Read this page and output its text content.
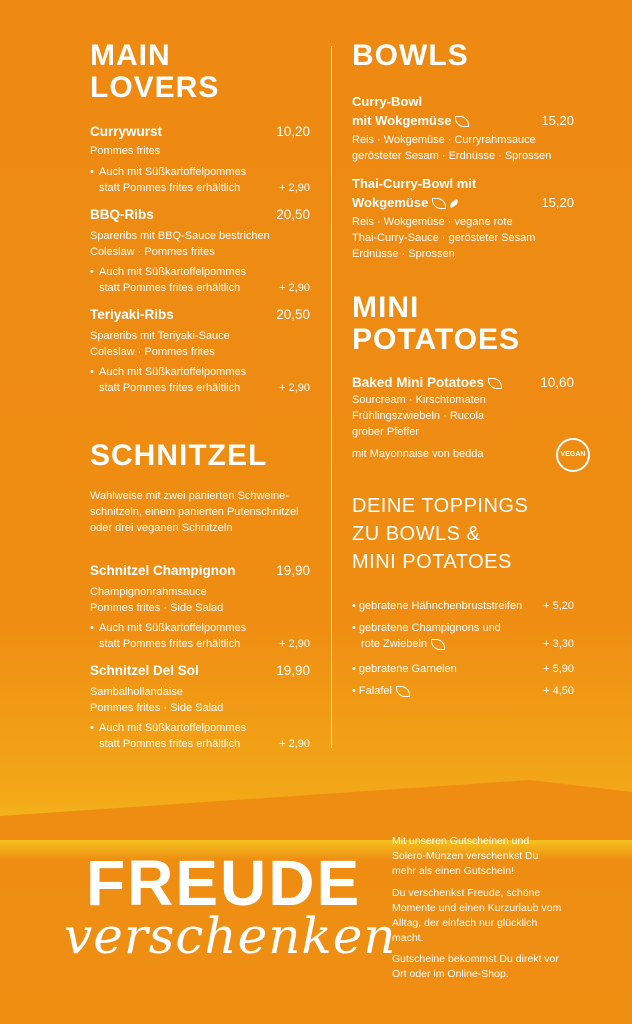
MAIN
LOVERS
Currywurst	10,20
Pommes frites
• Auch mit Süßkartoffelpommes
statt Pommes frites erhältlich	+ 2,90
BBQ-Ribs	20,50
Spareribs mit BBQ-Sauce bestrichen
Coleslaw · Pommes frites
• Auch mit Süßkartoffelpommes
statt Pommes frites erhältlich	+ 2,90
Teriyaki-Ribs	20,50
Spareribs mit Teriyaki-Sauce
Coleslaw · Pommes frites
• Auch mit Süßkartoffelpommes
statt Pommes frites erhältlich	+ 2,90
SCHNITZEL
Wahlweise mit zwei panierten Schweine-
schnitzeln, einem panierten Putenschnitzel
oder drei veganen Schnitzeln
Schnitzel Champignon	19,90
Champignonrahmsauce
Pommes frites · Side Salad
• Auch mit Süßkartoffelpommes
statt Pommes frites erhältlich	+ 2,90
Schnitzel Del Sol	19,90
Sambalhollandaise
Pommes frites · Side Salad
• Auch mit Süßkartoffelpommes
statt Pommes frites erhältlich	+ 2,90
BOWLS
Curry-Bowl
mit Wokgemüse	15,20
Reis · Wokgemüse · Curryrahmsauce
gerösteter Sesam · Erdnüsse · Sprossen
Thai-Curry-Bowl mit
Wokgemüse	15,20
Reis · Wokgemüse · vegane rote
Thai-Curry-Sauce · gerösteter Sesam
Erdnüsse · Sprossen
MINI
POTATOES
Baked Mini Potatoes	10,60
Sourcream · Kirschtomaten
Frühlingszwiebeln · Rucola
grober Pfeffer
mit Mayonnaise von bedda
DEINE TOPPINGS
ZU BOWLS &
MINI POTATOES
• gebratene Hähnchenbruststreifen + 5,20
• gebratene Champignons und
rote Zwiebeln	+ 3,30
• gebratene Garnelen	+ 5,90
• Falafel	+ 4,50
VEGAN
FREUDE
verschenken
Mit unseren Gutscheinen und Solero-Münzen verschenkst Du mehr als einen Gutschein!
Du verschenkst Freude, schöne Momente und einen Kurzurlaub vom Alltag, der einfach nur glücklich macht.
Gutscheine bekommst Du direkt vor Ort oder im Online-Shop.
